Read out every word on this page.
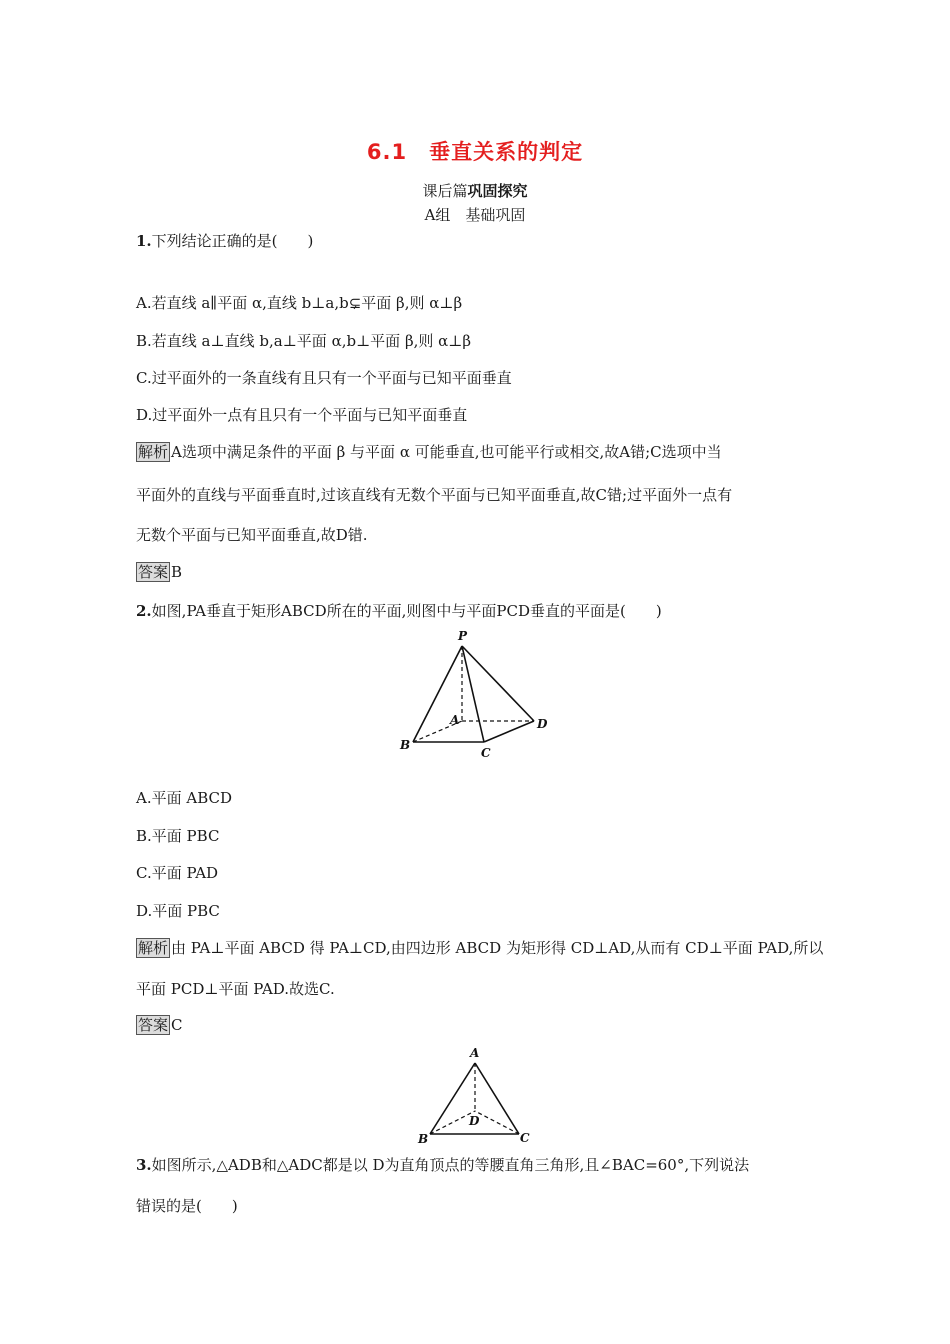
6.1　垂直关系的判定
课后篇巩固探究
A组　基础巩固
1.下列结论正确的是(　　)
A.若直线 a∥平面 α,直线 b⊥a,b⊊平面 β,则 α⊥β
B.若直线 a⊥直线 b,a⊥平面 α,b⊥平面 β,则 α⊥β
C.过平面外的一条直线有且只有一个平面与已知平面垂直
D.过平面外一点有且只有一个平面与已知平面垂直
解析 A选项中满足条件的平面 β 与平面 α 可能垂直,也可能平行或相交,故A错;C选项中当
平面外的直线与平面垂直时,过该直线有无数个平面与已知平面垂直,故C错;过平面外一点有
无数个平面与已知平面垂直,故D错.
答案 B
2.如图,PA垂直于矩形ABCD所在的平面,则图中与平面PCD垂直的平面是(　　)
P
A
B
C
D
A.平面 ABCD
B.平面 PBC
C.平面 PAD
D.平面 PBC
解析 由 PA⊥平面 ABCD 得 PA⊥CD,由四边形 ABCD 为矩形得 CD⊥AD,从而有 CD⊥平面 PAD,所以
平面 PCD⊥平面 PAD.故选C.
答案 C
A
D
B	C
3.如图所示,△ADB和△ADC都是以 D为直角顶点的等腰直角三角形,且∠BAC=60°,下列说法
错误的是(　　)
